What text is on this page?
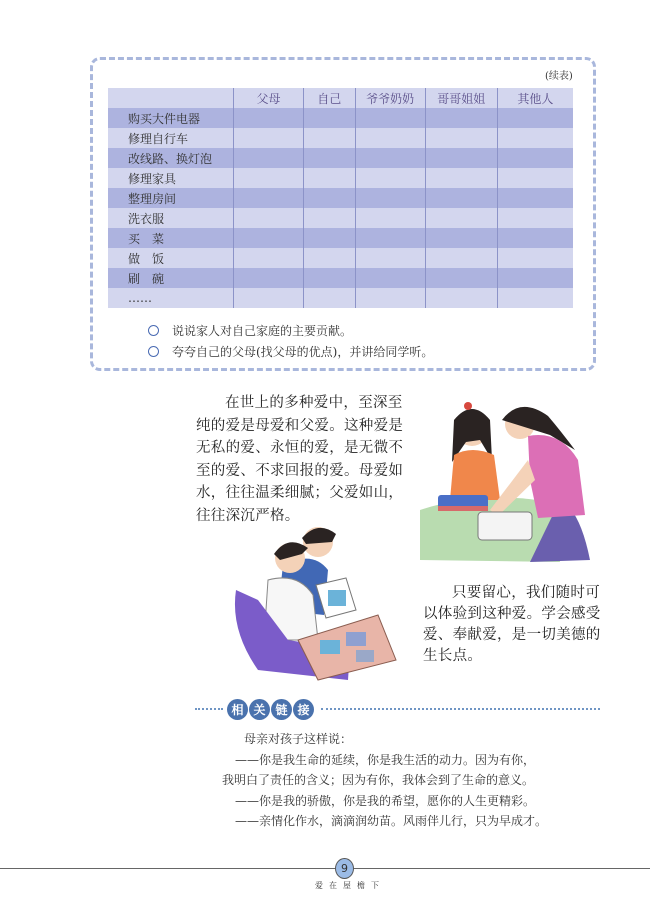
(续表)
	父母	自己	爷爷奶奶	哥哥姐姐	其他人
购买大件电器					
修理自行车					
改线路、换灯泡					
修理家具					
整理房间					
洗衣服					
买　菜					
做　饭					
刷　碗					
……					
说说家人对自己家庭的主要贡献。
夸夸自己的父母(找父母的优点)，并讲给同学听。
在世上的多种爱中，至深至纯的爱是母爱和父爱。这种爱是无私的爱、永恒的爱，是无微不至的爱、不求回报的爱。母爱如水，往往温柔细腻；父爱如山，往往深沉严格。
只要留心，我们随时可以体验到这种爱。学会感受爱、奉献爱，是一切美德的生长点。
相 关 链 接
母亲对孩子这样说：
——你是我生命的延续，你是我生活的动力。因为有你，
我明白了责任的含义；因为有你，我体会到了生命的意义。
——你是我的骄傲，你是我的希望，愿你的人生更精彩。
——亲情化作水，滴滴润幼苗。风雨伴儿行，只为早成才。
9
爱在屋檐下
